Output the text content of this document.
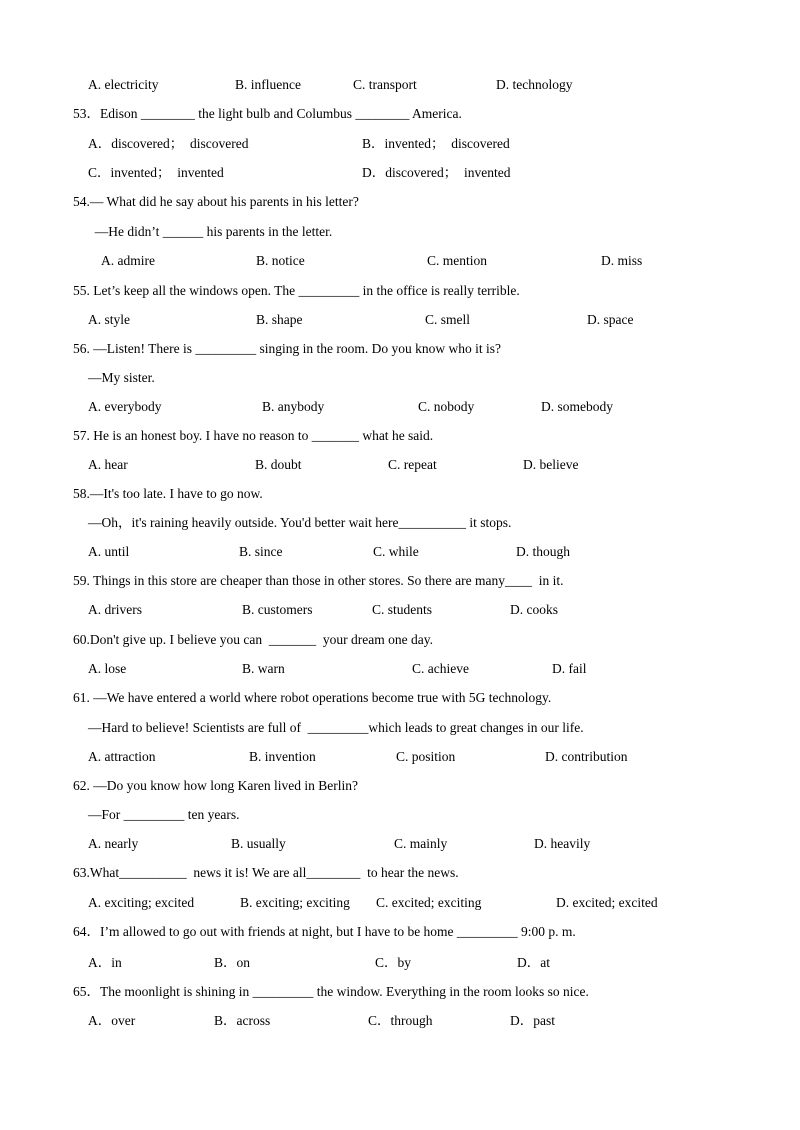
A. electricity	B. influence	C. transport	D. technology
53．Edison ________ the light bulb and Columbus ________ America.
A．discovered；  discovered	B．invented；  discovered
C．invented；  invented	D．discovered；  invented
54.— What did he say about his parents in his letter?
—He didn’t ______ his parents in the letter.
A. admire	B. notice	C. mention	D. miss
55. Let’s keep all the windows open. The _________ in the office is really terrible.
A. style	B. shape	C. smell	D. space
56. —Listen! There is _________ singing in the room. Do you know who it is?
—My sister.
A. everybody	B. anybody	C. nobody	D. somebody
57. He is an honest boy. I have no reason to _______ what he said.
A. hear	B. doubt	C. repeat	D. believe
58.—It's too late. I have to go now.
—Oh，it's raining heavily outside. You'd better wait here__________ it stops.
A. until	B. since	C. while	D. though
59. Things in this store are cheaper than those in other stores. So there are many____  in it.
A. drivers	B. customers	C. students	D. cooks
60.Don't give up. I believe you can  _______  your dream one day.
A. lose	B. warn	C. achieve	D. fail
61. —We have entered a world where robot operations become true with 5G technology.
—Hard to believe! Scientists are full of  _________which leads to great changes in our life.
A. attraction	B. invention	C. position	D. contribution
62. —Do you know how long Karen lived in Berlin?
—For _________ ten years.
A. nearly	B. usually	C. mainly	D. heavily
63.What__________  news it is! We are all________  to hear the news.
A. exciting; excited	B. exciting; exciting C. excited; exciting	D. excited; excited
64．I’m allowed to go out with friends at night, but I have to be home _________ 9:00 p. m.
A．in	B．on	C．by	D．at
65．The moonlight is shining in _________ the window. Everything in the room looks so nice.
A．over	B．across	C．through	D．past
